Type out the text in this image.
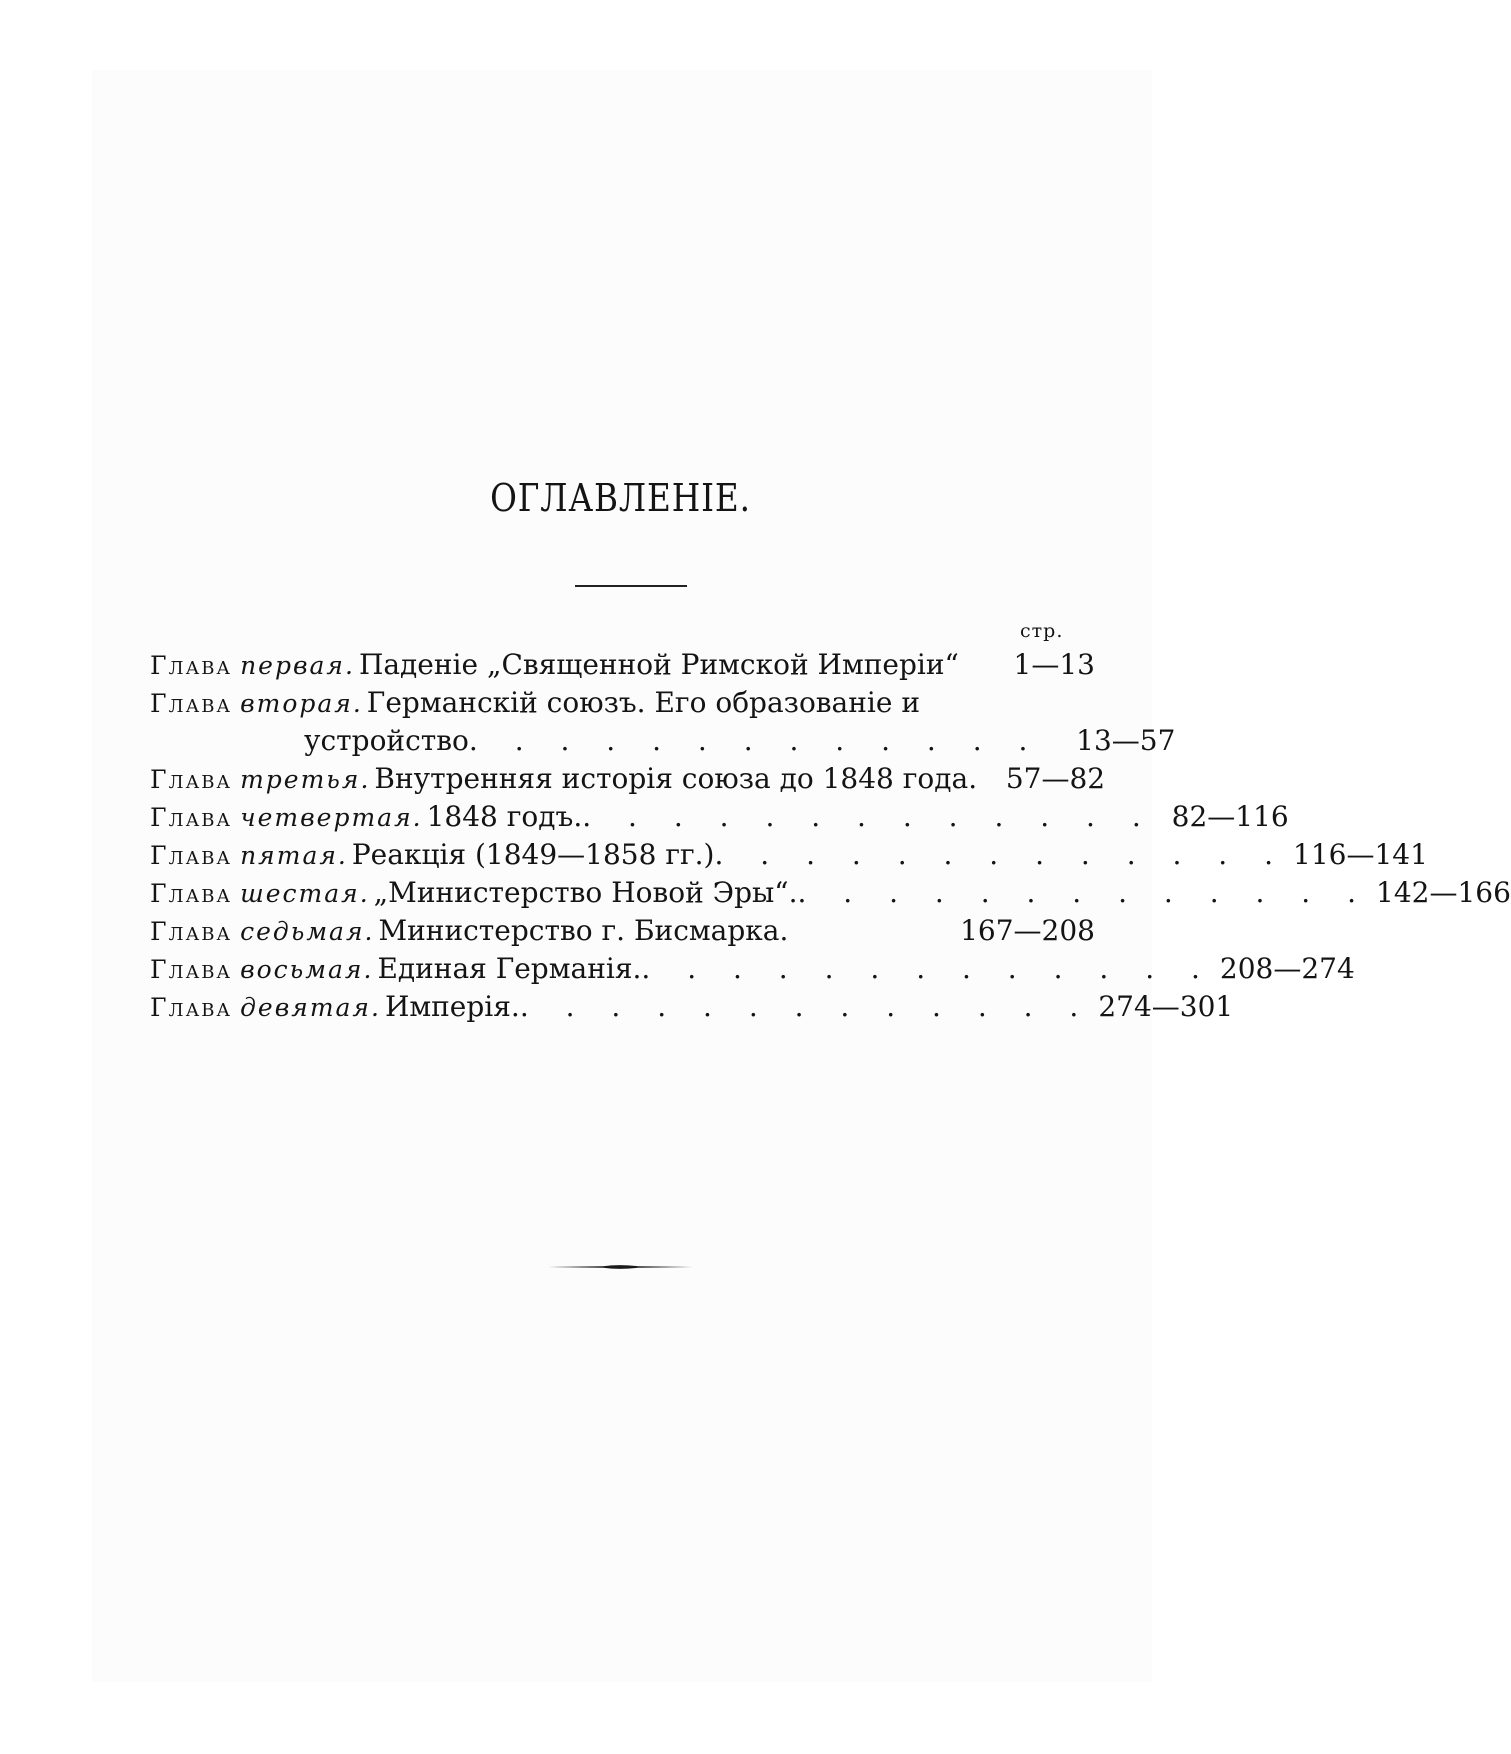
ОГЛАВЛЕНІЕ.
стр.
Глава первая. Паденіе „Священной Римской Имперіи“	1—13
Глава вторая. Германскій союзъ. Его образованіе и
устройство . . . . . . . . . . . . .	13—57
Глава третья. Внутренняя исторія союза до 1848 года.	57—82
Глава четвертая. 1848 годъ. . . . . . . . . . . . . . 82—116
Глава пятая. Реакція (1849—1858 гг.) . . . . . . . . . . . . . 116—141
Глава шестая. „Министерство Новой Эры“. . . . . . . . . . . . . . 142—166
Глава седьмая. Министерство г. Бисмарка.	167—208
Глава восьмая. Единая Германія. . . . . . . . . . . . . . 208—274
Глава девятая. Имперія. . . . . . . . . . . . . . 274—301
